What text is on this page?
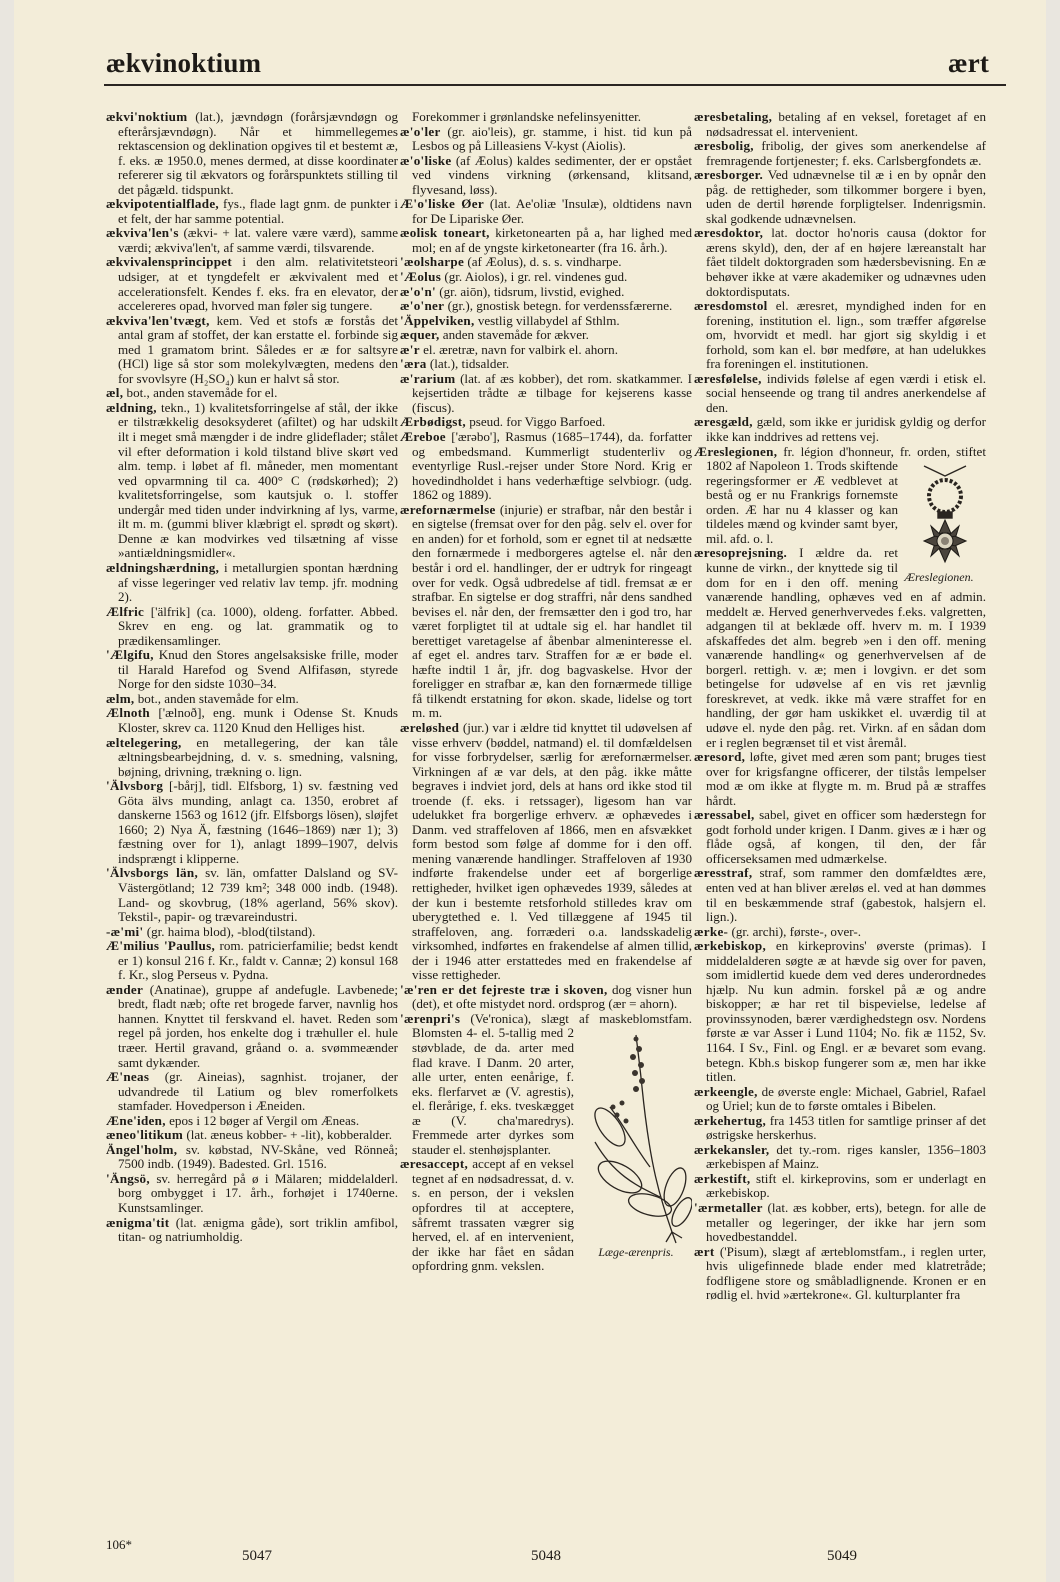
ækvinoktium	ært

ækvi'noktium (lat.), jævndøgn (forårsjævndøgn og efterårsjævndøgn). Når et himmellegemes rektascension og deklination opgives til et bestemt æ, f. eks. æ 1950.0, menes dermed, at disse koordinater refererer sig til ækvators og forårspunktets stilling til det pågæld. tidspunkt.

ækvipotentialflade, fys., flade lagt gnm. de punkter i et felt, der har samme potential.

ækviva'len's (ækvi- + lat. valere være værd), samme værdi; ækviva'len't, af samme værdi, tilsvarende.

ækvivalensprincippet i den alm. relativitetsteori udsiger, at et tyngdefelt er ækvivalent med et accelerationsfelt. Kendes f. eks. fra en elevator, der accelereres opad, hvorved man føler sig tungere.

ækviva'len'tvægt, kem. Ved et stofs æ forstås det antal gram af stoffet, der kan erstatte el. forbinde sig med 1 gramatom brint. Således er æ for saltsyre (HCl) lige så stor som molekylvægten, medens den for svovlsyre (H₂SO₄) kun er halvt så stor.

æl, bot., anden stavemåde for el.

ældning, tekn., 1) kvalitetsforringelse af stål, der ikke er tilstrækkelig desoksyderet (afiltet) og har udskilt ilt i meget små mængder i de indre glideflader; stålet vil efter deformation i kold tilstand blive skørt ved alm. temp. i løbet af fl. måneder, men momentant ved opvarmning til ca. 400° C (rødskørhed); 2) kvalitetsforringelse, som kautsjuk o. l. stoffer undergår med tiden under indvirkning af lys, varme, ilt m. m. (gummi bliver klæbrigt el. sprødt og skørt). Denne æ kan modvirkes ved tilsætning af visse »antiældningsmidler«.

ældningshærdning, i metallurgien spontan hærdning af visse legeringer ved relativ lav temp. jfr. modning 2).

Ælfric ['älfrik] (ca. 1000), oldeng. forfatter. Abbed. Skrev en eng. og lat. grammatik og to prædikensamlinger.

'Ælgifu, Knud den Stores angelsaksiske frille, moder til Harald Harefod og Svend Alfifasøn, styrede Norge for den sidste 1030–34.

ælm, bot., anden stavemåde for elm.

Ælnoth ['ælnoð], eng. munk i Odense St. Knuds Kloster, skrev ca. 1120 Knud den Helliges hist.

æltelegering, en metallegering, der kan tåle æltningsbearbejdning, d. v. s. smedning, valsning, bøjning, drivning, trækning o. lign.

'Älvsborg [-bårj], tidl. Elfsborg, 1) sv. fæstning ved Göta älvs munding, anlagt ca. 1350, erobret af danskerne 1563 og 1612 (jfr. Elfsborgs lösen), sløjfet 1660; 2) Nya Ä, fæstning (1646–1869) nær 1); 3) fæstning over for 1), anlagt 1899–1907, delvis indsprængt i klipperne.

'Älvsborgs län, sv. län, omfatter Dalsland og SV-Västergötland; 12 739 km²; 348 000 indb. (1948). Land- og skovbrug, (18% agerland, 56% skov). Tekstil-, papir- og trævareindustri.

-æ'mi' (gr. haima blod), -blod(tilstand).

Æ'milius 'Paullus, rom. patricierfamilie; bedst kendt er 1) konsul 216 f. Kr., faldt v. Cannæ; 2) konsul 168 f. Kr., slog Perseus v. Pydna.

ænder (Anatinae), gruppe af andefugle. Lavbenede; bredt, fladt næb; ofte ret brogede farver, navnlig hos hannen. Knyttet til ferskvand el. havet. Reden som regel på jorden, hos enkelte dog i træhuller el. hule træer. Hertil gravand, gråand o. a. svømmeænder samt dykænder.

Æ'neas (gr. Aineias), sagnhist. trojaner, der udvandrede til Latium og blev romerfolkets stamfader. Hovedperson i Æneiden.

Æne'iden, epos i 12 bøger af Vergil om Æneas.

æneo'litikum (lat. æneus kobber- + -lit), kobberalder.

Ängel'holm, sv. købstad, NV-Skåne, ved Rönneå; 7500 indb. (1949). Badested. Grl. 1516.

'Ängsö, sv. herregård på ø i Mälaren; middelalderl. borg ombygget i 17. årh., forhøjet i 1740erne. Kunstsamlinger.

ænigma'tit (lat. ænigma gåde), sort triklin amfibol, titan- og natriumholdig.

Forekommer i grønlandske nefelinsyenitter.

æ'o'ler (gr. aio'leis), gr. stamme, i hist. tid kun på Lesbos og på Lilleasiens V-kyst (Aiolis).

æ'o'liske (af Æolus) kaldes sedimenter, der er opstået ved vindens virkning (ørkensand, klitsand, flyvesand, løss).

Æ'o'liske Øer (lat. Ae'oliæ 'Insulæ), oldtidens navn for De Lipariske Øer.

æolisk toneart, kirketonearten på a, har lighed med mol; en af de yngste kirketonearter (fra 16. årh.).

'æolsharpe (af Æolus), d. s. s. vindharpe.

'Æolus (gr. Aiolos), i gr. rel. vindenes gud.

æ'o'n' (gr. aiōn), tidsrum, livstid, evighed.

æ'o'ner (gr.), gnostisk betegn. for verdenssfærerne.

'Äppelviken, vestlig villabydel af Sthlm.

æquer, anden stavemåde for ækver.

æ'r el. æretræ, navn for valbirk el. ahorn.

'æra (lat.), tidsalder.

æ'rarium (lat. af æs kobber), det rom. skatkammer. I kejsertiden trådte æ tilbage for kejserens kasse (fiscus).

Ærbødigst, pseud. for Viggo Barfoed.

Æreboe ['ærəbo'], Rasmus (1685–1744), da. forfatter og embedsmand. Kummerligt studenterliv og eventyrlige Rusl.-rejser under Store Nord. Krig er hovedindholdet i hans vederhæftige selvbiogr. (udg. 1862 og 1889).

ærefornærmelse (injurie) er strafbar, når den består i en sigtelse (fremsat over for den påg. selv el. over for en anden) for et forhold, som er egnet til at nedsætte den fornærmede i medborgeres agtelse el. når den består i ord el. handlinger, der er udtryk for ringeagt over for vedk. Også udbredelse af tidl. fremsat æ er strafbar. En sigtelse er dog straffri, når dens sandhed bevises el. når den, der fremsætter den i god tro, har været forpligtet til at udtale sig el. har handlet til berettiget varetagelse af åbenbar almeninteresse el. af eget el. andres tarv. Straffen for æ er bøde el. hæfte indtil 1 år, jfr. dog bagvaskelse. Hvor der foreligger en strafbar æ, kan den fornærmede tillige få tilkendt erstatning for økon. skade, lidelse og tort m. m.

æreløshed (jur.) var i ældre tid knyttet til udøvelsen af visse erhverv (bøddel, natmand) el. til domfældelsen for visse forbrydelser, særlig for ærefornærmelser. Virkningen af æ var dels, at den påg. ikke måtte begraves i indviet jord, dels at hans ord ikke stod til troende (f. eks. i retssager), ligesom han var udelukket fra borgerlige erhverv. æ ophævedes i Danm. ved straffeloven af 1866, men en afsvækket form bestod som følge af domme for i den off. mening vanærende handlinger. Straffeloven af 1930 indførte frakendelse under eet af borgerlige rettigheder, hvilket igen ophævedes 1939, således at der kun i bestemte retsforhold stilledes krav om uberygtethed e. l. Ved tillæggene af 1945 til straffeloven, ang. forræderi o.a. landsskadelig virksomhed, indførtes en frakendelse af almen tillid, der i 1946 atter erstattedes med en frakendelse af visse rettigheder.

'æ'ren er det fejreste træ i skoven, dog visner hun (det), et ofte mistydet nord. ordsprog (ær = ahorn).

Læge-ærenpris.
'ærenpri's (Ve'ronica), slægt af maskeblomstfam. Blomsten 4- el. 5-tallig med 2 støvblade, de da. arter med flad krave. I Danm. 20 arter, alle urter, enten eenårige, f. eks. flerfarvet æ (V. agrestis), el. flerårige, f. eks. tveskægget æ (V. cha'maredrys). Fremmede arter dyrkes som stauder el. stenhøjsplanter.

æresaccept, accept af en veksel tegnet af en nødsadressat, d. v. s. en person, der i vekslen opfordres til at acceptere, såfremt trassaten vægrer sig herved, el. af en intervenient, der ikke har fået en sådan opfordring gnm. vekslen.

æresbetaling, betaling af en veksel, foretaget af en nødsadressat el. intervenient.

æresbolig, fribolig, der gives som anerkendelse af fremragende fortjenester; f. eks. Carlsbergfondets æ.

æresborger. Ved udnævnelse til æ i en by opnår den påg. de rettigheder, som tilkommer borgere i byen, uden de dertil hørende forpligtelser. Indenrigsmin. skal godkende udnævnelsen.

æresdoktor, lat. doctor ho'noris causa (doktor for ærens skyld), den, der af en højere læreanstalt har fået tildelt doktorgraden som hædersbevisning. En æ behøver ikke at være akademiker og udnævnes uden doktordisputats.

æresdomstol el. æresret, myndighed inden for en forening, institution el. lign., som træffer afgørelse om, hvorvidt et medl. har gjort sig skyldig i et forhold, som kan el. bør medføre, at han udelukkes fra foreningen el. institutionen.

æresfølelse, individs følelse af egen værdi i etisk el. social henseende og trang til andres anerkendelse af den.

æresgæld, gæld, som ikke er juridisk gyldig og derfor ikke kan inddrives ad rettens vej.

Æreslegionen.
Æreslegionen, fr. légion d'honneur, fr. orden, stiftet 1802 af Napoleon 1. Trods skiftende regeringsformer er Æ vedblevet at bestå og er nu Frankrigs fornemste orden. Æ har nu 4 klasser og kan tildeles mænd og kvinder samt byer, mil. afd. o. l.

æresoprejsning. I ældre da. ret kunne de virkn., der knyttede sig til dom for en i den off. mening vanærende handling, ophæves ved en af admin. meddelt æ. Herved generhvervedes f.eks. valgretten, adgangen til at beklæde off. hverv m. m. I 1939 afskaffedes det alm. begreb »en i den off. mening vanærende handling« og generhvervelsen af de borgerl. rettigh. v. æ; men i lovgivn. er det som betingelse for udøvelse af en vis ret jævnlig foreskrevet, at vedk. ikke må være straffet for en handling, der gør ham uskikket el. uværdig til at udøve el. nyde den påg. ret. Virkn. af en sådan dom er i reglen begrænset til et vist åremål.

æresord, løfte, givet med æren som pant; bruges tiest over for krigsfangne officerer, der tilstås lempelser mod æ om ikke at flygte m. m. Brud på æ straffes hårdt.

æressabel, sabel, givet en officer som hæderstegn for godt forhold under krigen. I Danm. gives æ i hær og flåde også, af kongen, til den, der får officerseksamen med udmærkelse.

æresstraf, straf, som rammer den domfældtes ære, enten ved at han bliver æreløs el. ved at han dømmes til en beskæmmende straf (gabestok, halsjern el. lign.).

ærke- (gr. archi), første-, over-.

ærkebiskop, en kirkeprovins' øverste (primas). I middelalderen søgte æ at hævde sig over for paven, som imidlertid kuede dem ved deres underordnedes hjælp. Nu kun admin. forskel på æ og andre biskopper; æ har ret til bispevielse, ledelse af provinssynoden, bærer værdighedstegn osv. Nordens første æ var Asser i Lund 1104; No. fik æ 1152, Sv. 1164. I Sv., Finl. og Engl. er æ bevaret som evang. betegn. Kbh.s biskop fungerer som æ, men har ikke titlen.

ærkeengle, de øverste engle: Michael, Gabriel, Rafael og Uriel; kun de to første omtales i Bibelen.

ærkehertug, fra 1453 titlen for samtlige prinser af det østrigske herskerhus.

ærkekansler, det ty.-rom. riges kansler, 1356–1803 ærkebispen af Mainz.

ærkestift, stift el. kirkeprovins, som er underlagt en ærkebiskop.

'ærmetaller (lat. æs kobber, erts), betegn. for alle de metaller og legeringer, der ikke har jern som hovedbestanddel.

ært ('Pisum), slægt af ærteblomstfam., i reglen urter, hvis uligefinnede blade ender med klatretråde; fodfligene store og småbladlignende. Kronen er en rødlig el. hvid »ærtekrone«. Gl. kulturplanter fra

106*
5047	5048	5049
